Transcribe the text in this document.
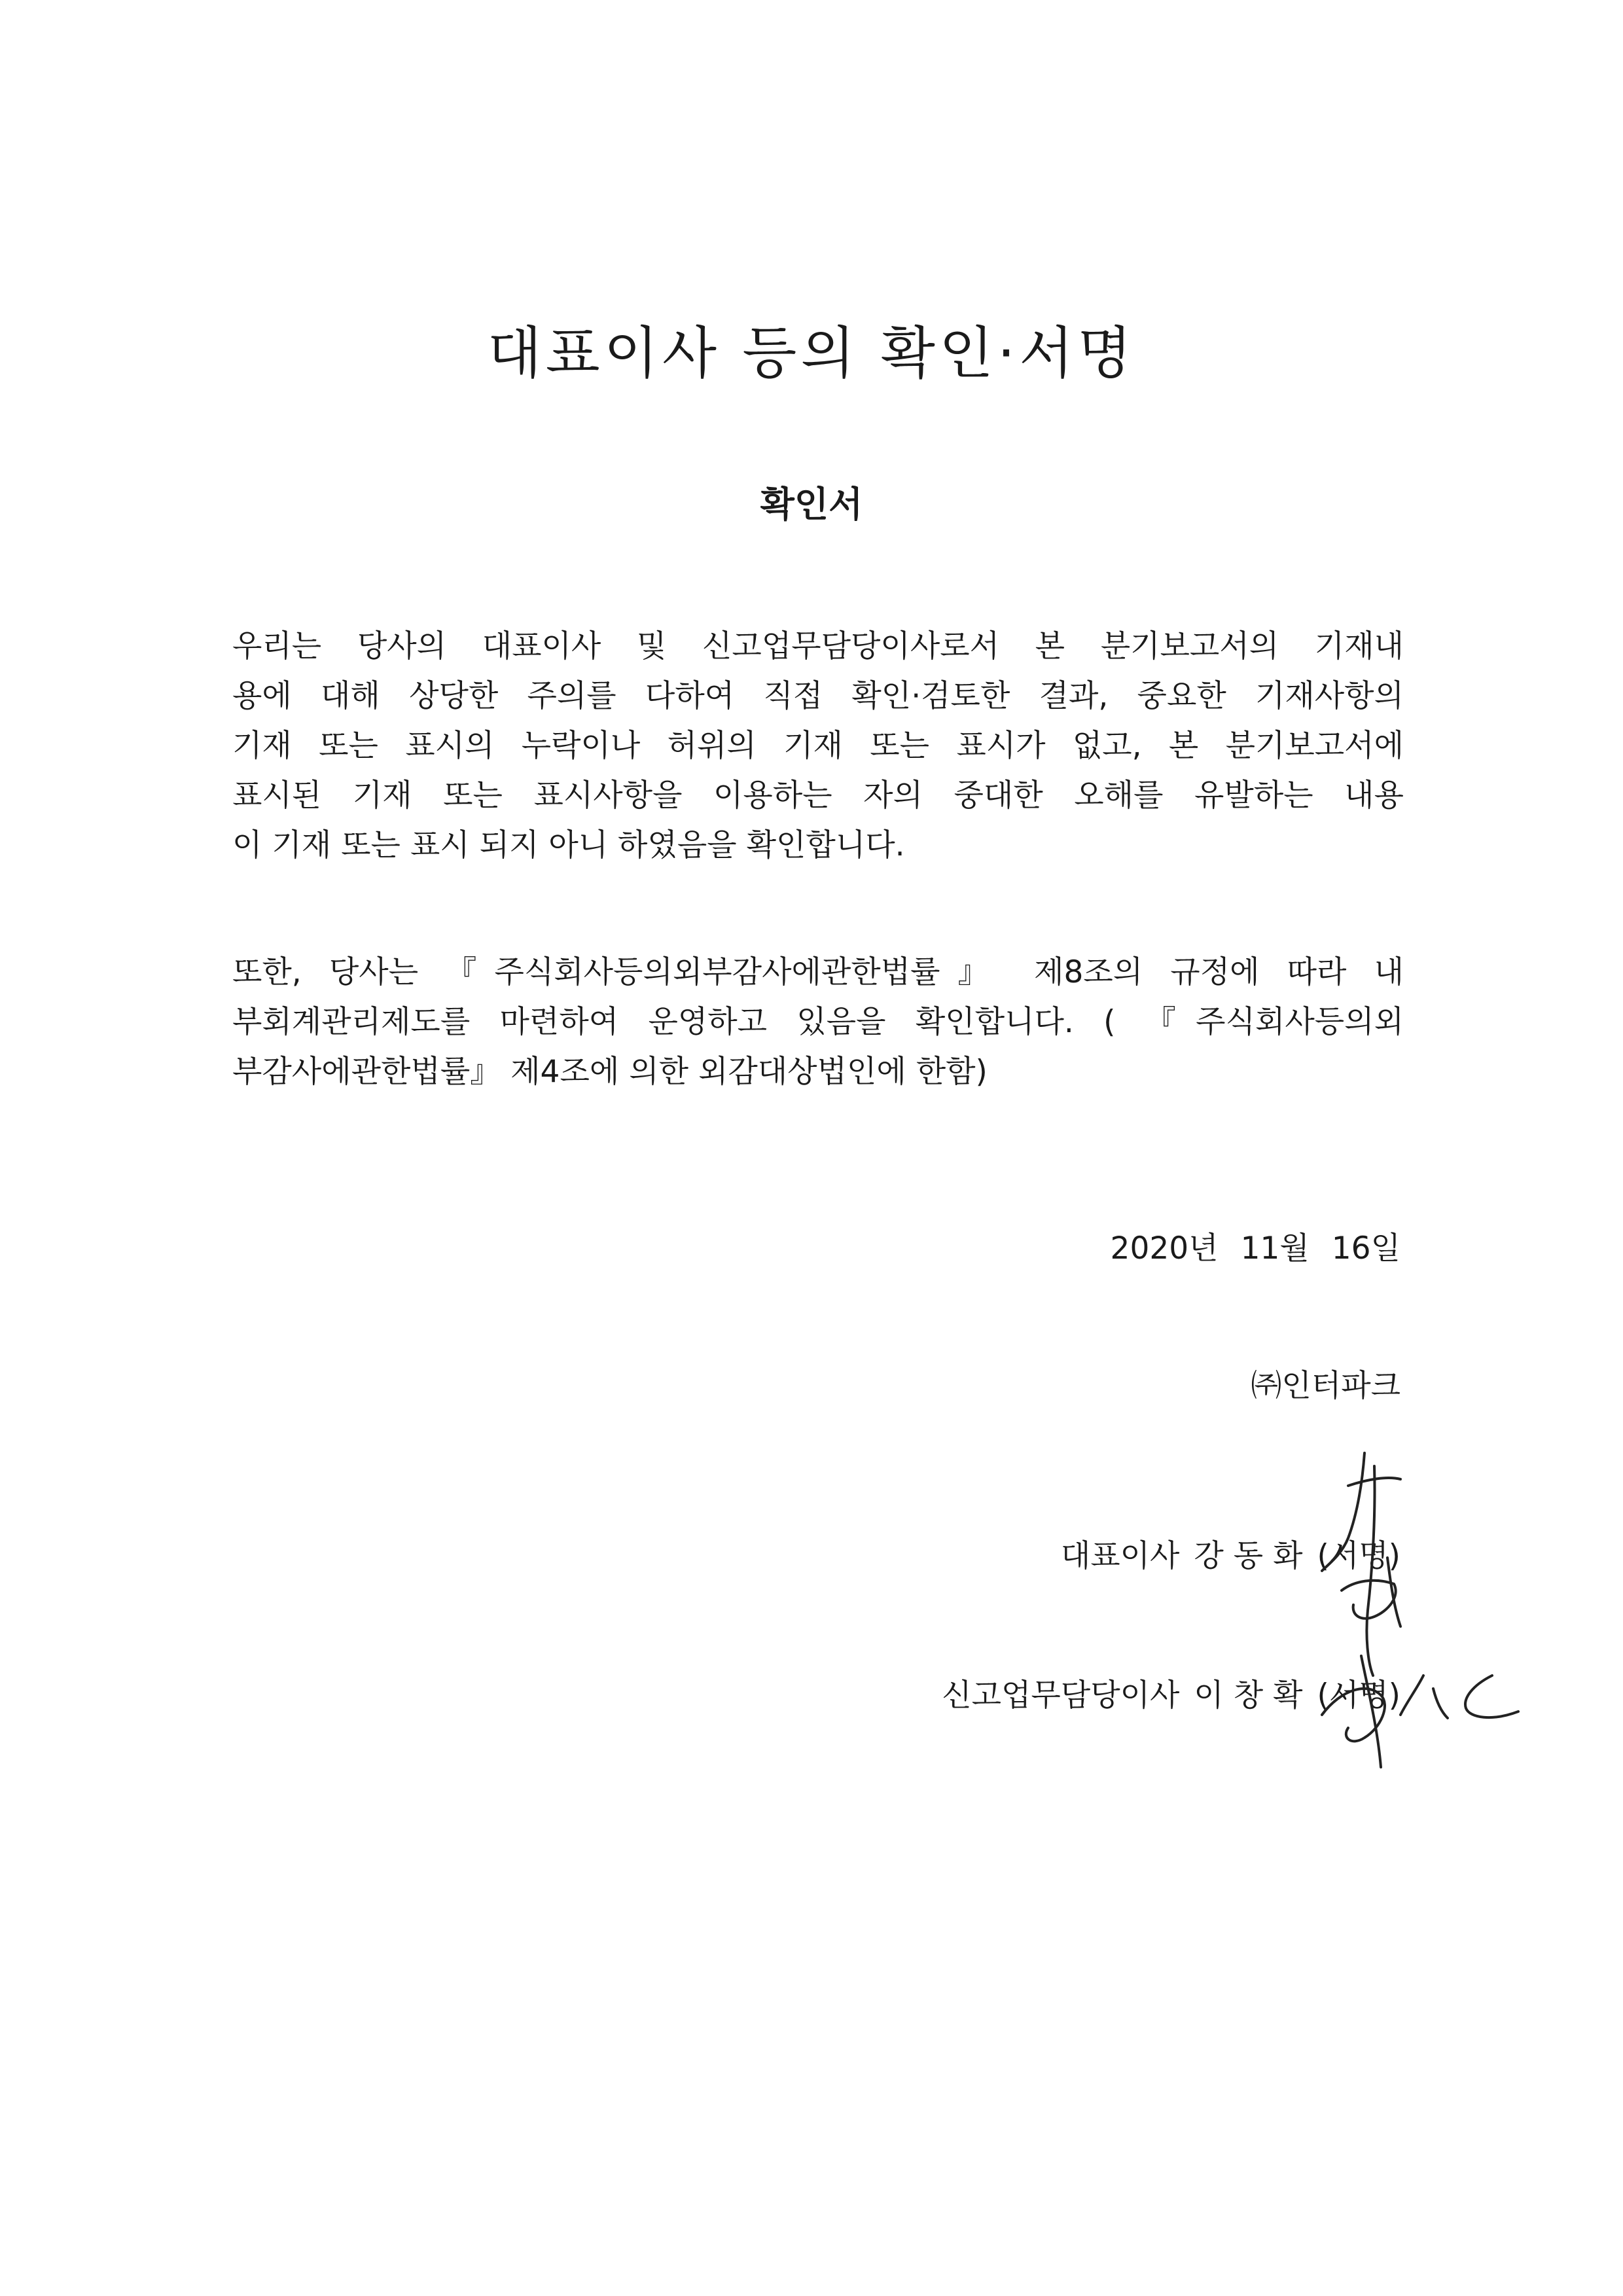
대표이사 등의 확인·서명
확인서
우리는 당사의 대표이사 및 신고업무담당이사로서 본 분기보고서의 기재내
용에 대해 상당한 주의를 다하여 직접 확인·검토한 결과, 중요한 기재사항의
기재 또는 표시의 누락이나 허위의 기재 또는 표시가 없고, 본 분기보고서에
표시된 기재 또는 표시사항을 이용하는 자의 중대한 오해를 유발하는 내용
이 기재 또는 표시 되지 아니 하였음을 확인합니다.
또한, 당사는 『주식회사등의외부감사에관한법률』 제8조의 규정에 따라 내
부회계관리제도를 마련하여 운영하고 있음을 확인합니다. ( 『주식회사등의외
부감사에관한법률』 제4조에 의한 외감대상법인에 한함)

2020년 11월 16일

㈜인터파크

대표이사 강 동 화 (서명)

신고업무담당이사 이 창 확 (서명)
